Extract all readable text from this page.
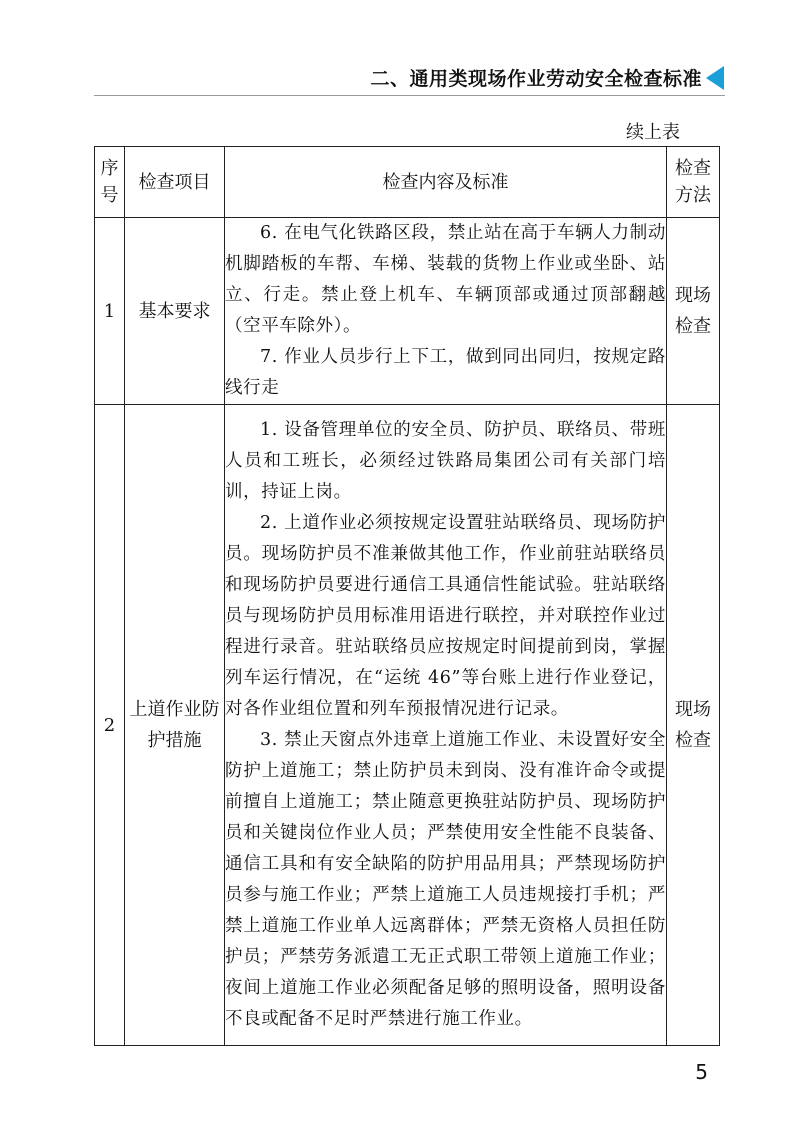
二、通用类现场作业劳动安全检查标准
续上表
序号	检查项目	检查内容及标准	检查方法
1	基本要求	6. 在电气化铁路区段，禁止站在高于车辆人力制动机脚踏板的车帮、车梯、装载的货物上作业或坐卧、站立、行走。禁止登上机车、车辆顶部或通过顶部翻越（空平车除外）。

7. 作业人员步行上下工，做到同出同归，按规定路线行走	现场检查
2	上道作业防护措施	1. 设备管理单位的安全员、防护员、联络员、带班人员和工班长，必须经过铁路局集团公司有关部门培训，持证上岗。

2. 上道作业必须按规定设置驻站联络员、现场防护员。现场防护员不准兼做其他工作，作业前驻站联络员和现场防护员要进行通信工具通信性能试验。驻站联络员与现场防护员用标准用语进行联控，并对联控作业过程进行录音。驻站联络员应按规定时间提前到岗，掌握列车运行情况，在“运统 46”等台账上进行作业登记，对各作业组位置和列车预报情况进行记录。

3. 禁止天窗点外违章上道施工作业、未设置好安全防护上道施工；禁止防护员未到岗、没有准许命令或提前擅自上道施工；禁止随意更换驻站防护员、现场防护员和关键岗位作业人员；严禁使用安全性能不良装备、通信工具和有安全缺陷的防护用品用具；严禁现场防护员参与施工作业；严禁上道施工人员违规接打手机；严禁上道施工作业单人远离群体；严禁无资格人员担任防护员；严禁劳务派遣工无正式职工带领上道施工作业；夜间上道施工作业必须配备足够的照明设备，照明设备不良或配备不足时严禁进行施工作业。	现场检查
5
